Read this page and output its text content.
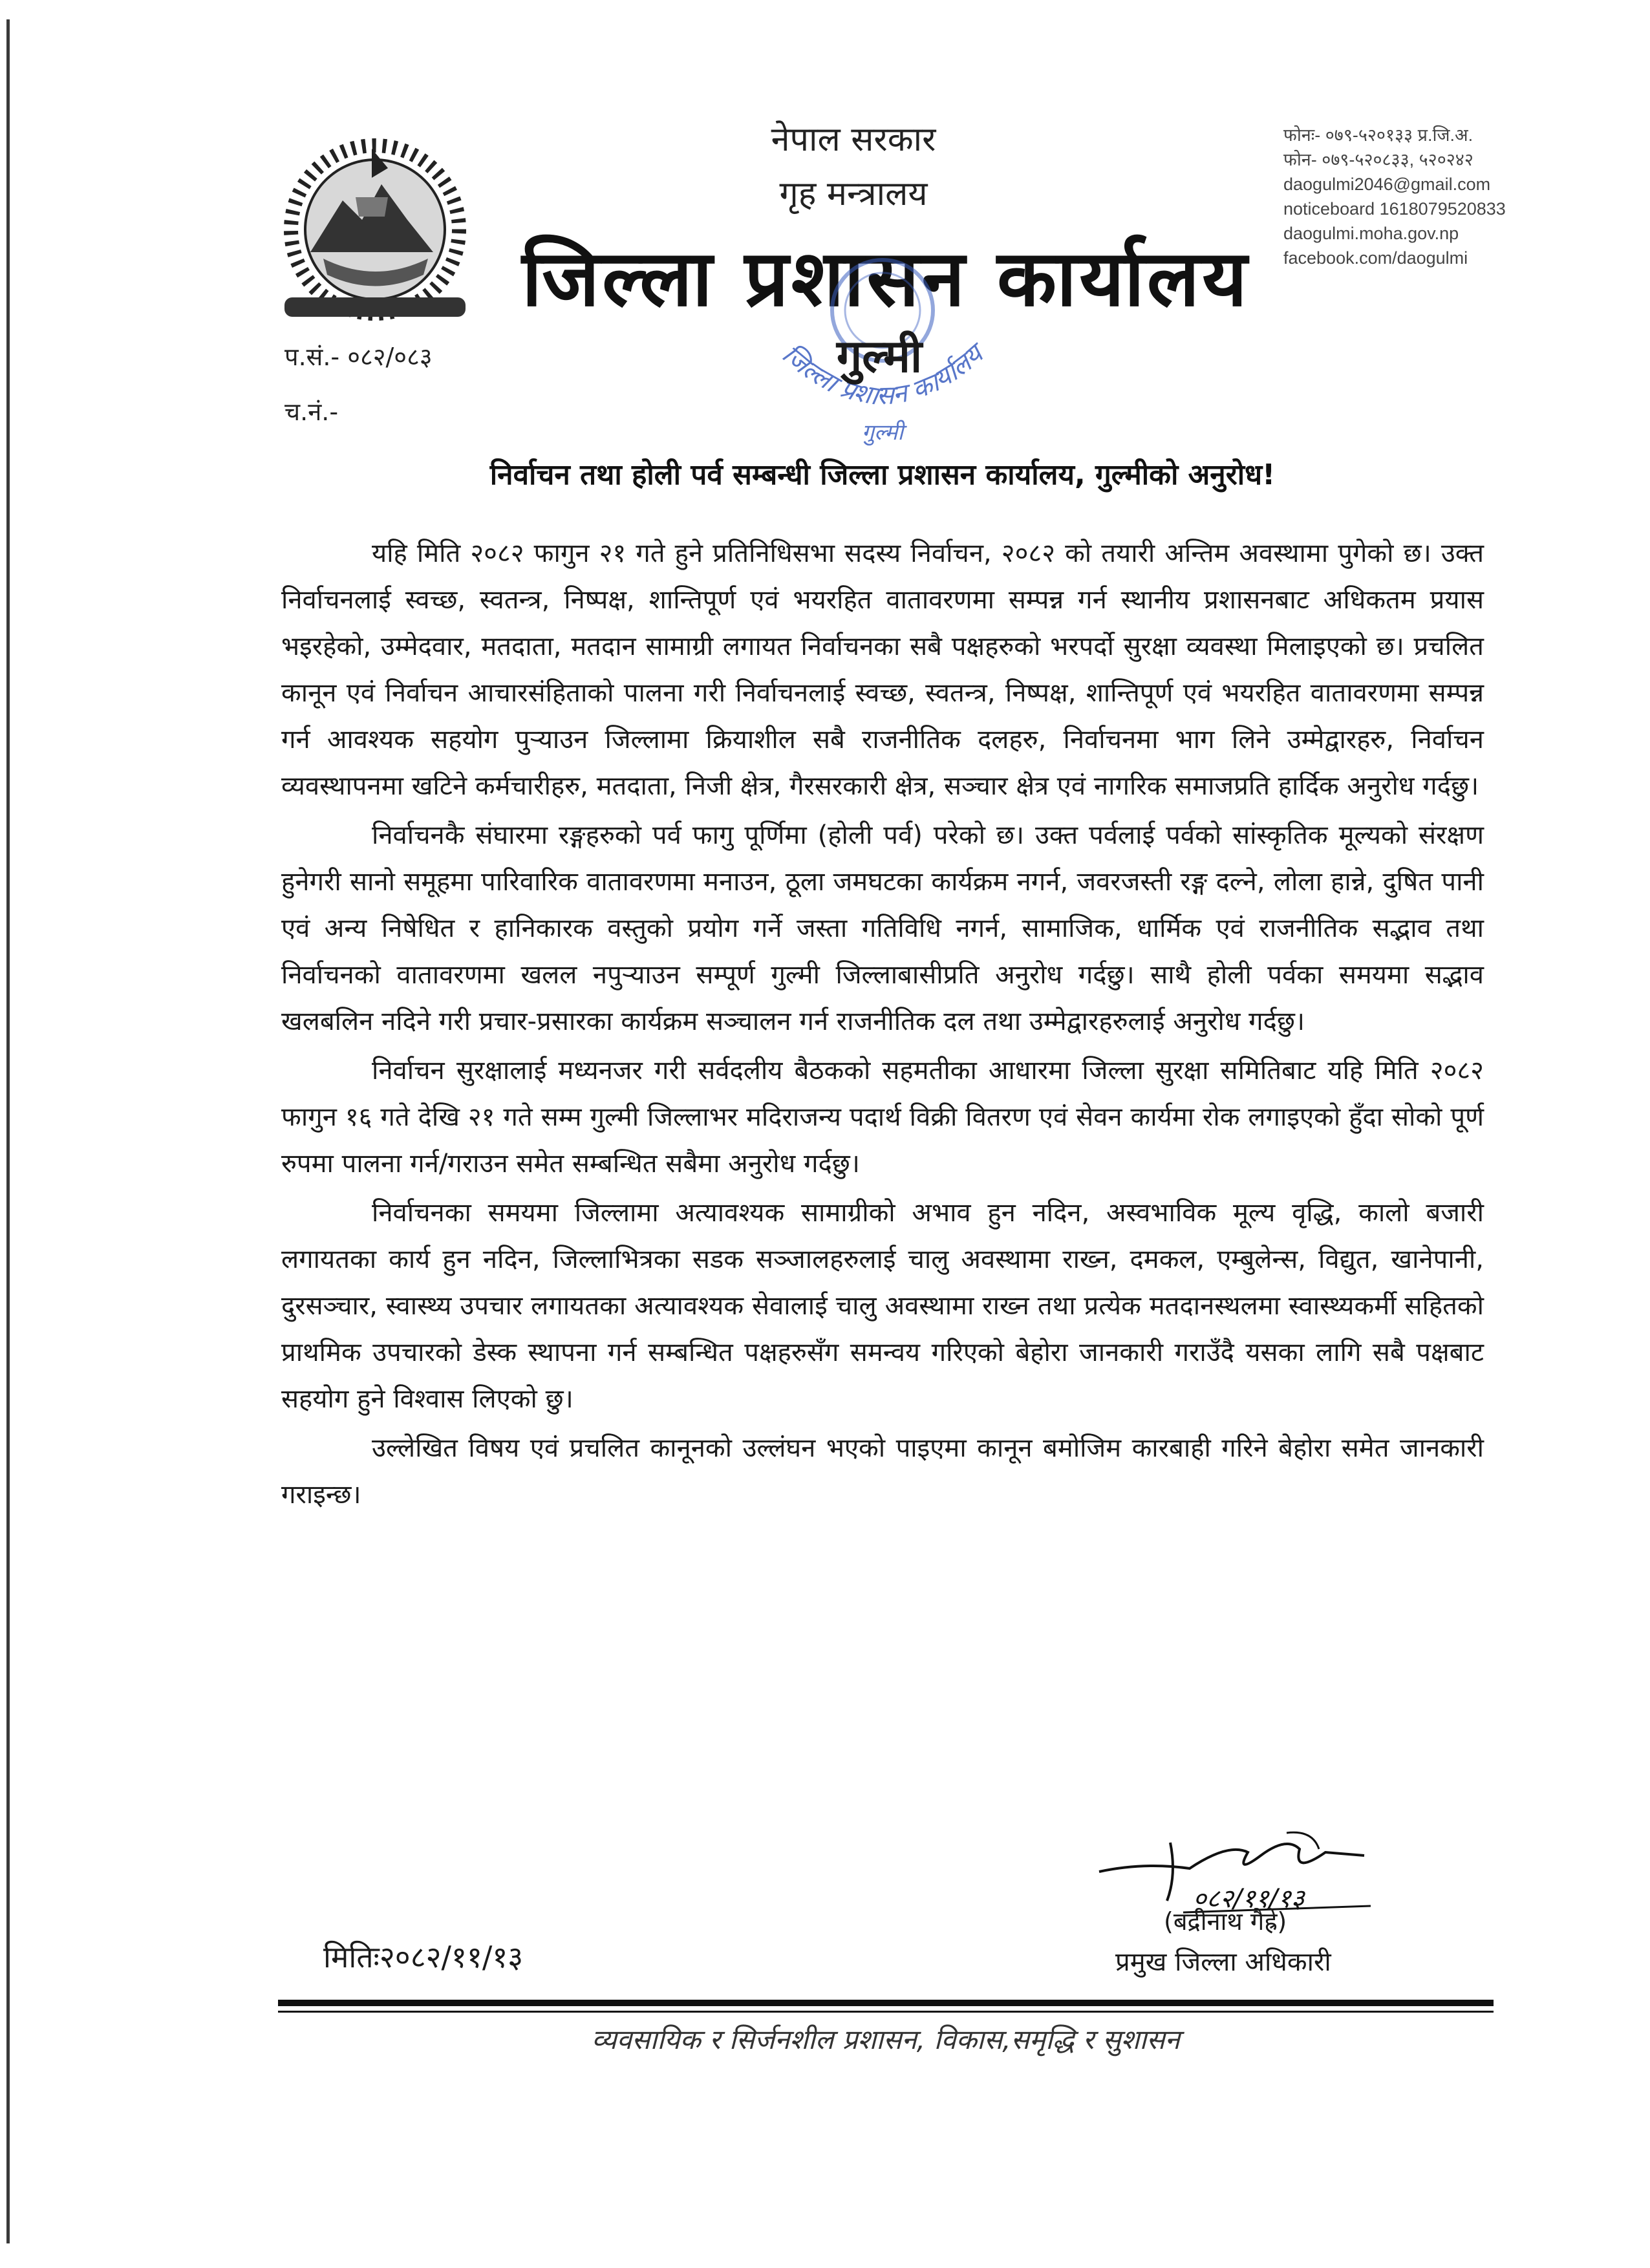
नेपाल सरकार
गृह मन्त्रालय
जिल्ला प्रशासन कार्यालय
जिल्ला प्रशासन कार्यालय
गुल्मी
गुल्मी
फोनः- ०७९-५२०१३३ प्र.जि.अ.
फोन- ०७९-५२०८३३, ५२०२४२
daogulmi2046@gmail.com
noticeboard 1618079520833
daogulmi.moha.gov.np
facebook.com/daogulmi
प.सं.- ०८२/०८३
च.नं.-
निर्वाचन तथा होली पर्व सम्बन्धी जिल्ला प्रशासन कार्यालय, गुल्मीको अनुरोध!

यहि मिति २०८२ फागुन २१ गते हुने प्रतिनिधिसभा सदस्य निर्वाचन, २०८२ को तयारी अन्तिम अवस्थामा पुगेको छ। उक्त निर्वाचनलाई स्वच्छ, स्वतन्त्र, निष्पक्ष, शान्तिपूर्ण एवं भयरहित वातावरणमा सम्पन्न गर्न स्थानीय प्रशासनबाट अधिकतम प्रयास भइरहेको, उम्मेदवार, मतदाता, मतदान सामाग्री लगायत निर्वाचनका सबै पक्षहरुको भरपर्दो सुरक्षा व्यवस्था मिलाइएको छ। प्रचलित कानून एवं निर्वाचन आचारसंहिताको पालना गरी निर्वाचनलाई स्वच्छ, स्वतन्त्र, निष्पक्ष, शान्तिपूर्ण एवं भयरहित वातावरणमा सम्पन्न गर्न आवश्यक सहयोग पुऱ्याउन जिल्लामा क्रियाशील सबै राजनीतिक दलहरु, निर्वाचनमा भाग लिने उम्मेद्वारहरु, निर्वाचन व्यवस्थापनमा खटिने कर्मचारीहरु, मतदाता, निजी क्षेत्र, गैरसरकारी क्षेत्र, सञ्चार क्षेत्र एवं नागरिक समाजप्रति हार्दिक अनुरोध गर्दछु।

निर्वाचनकै संघारमा रङ्गहरुको पर्व फागु पूर्णिमा (होली पर्व) परेको छ। उक्त पर्वलाई पर्वको सांस्कृतिक मूल्यको संरक्षण हुनेगरी सानो समूहमा पारिवारिक वातावरणमा मनाउन, ठूला जमघटका कार्यक्रम नगर्न, जवरजस्ती रङ्ग दल्ने, लोला हान्ने, दुषित पानी एवं अन्य निषेधित र हानिकारक वस्तुको प्रयोग गर्ने जस्ता गतिविधि नगर्न, सामाजिक, धार्मिक एवं राजनीतिक सद्भाव तथा निर्वाचनको वातावरणमा खलल नपुऱ्याउन सम्पूर्ण गुल्मी जिल्लाबासीप्रति अनुरोध गर्दछु। साथै होली पर्वका समयमा सद्भाव खलबलिन नदिने गरी प्रचार-प्रसारका कार्यक्रम सञ्चालन गर्न राजनीतिक दल तथा उम्मेद्वारहरुलाई अनुरोध गर्दछु।

निर्वाचन सुरक्षालाई मध्यनजर गरी सर्वदलीय बैठकको सहमतीका आधारमा जिल्ला सुरक्षा समितिबाट यहि मिति २०८२ फागुन १६ गते देखि २१ गते सम्म गुल्मी जिल्लाभर मदिराजन्य पदार्थ विक्री वितरण एवं सेवन कार्यमा रोक लगाइएको हुँदा सोको पूर्ण रुपमा पालना गर्न/गराउन समेत सम्बन्धित सबैमा अनुरोध गर्दछु।

निर्वाचनका समयमा जिल्लामा अत्यावश्यक सामाग्रीको अभाव हुन नदिन, अस्वभाविक मूल्य वृद्धि, कालो बजारी लगायतका कार्य हुन नदिन, जिल्लाभित्रका सडक सञ्जालहरुलाई चालु अवस्थामा राख्न, दमकल, एम्बुलेन्स, विद्युत, खानेपानी, दुरसञ्चार, स्वास्थ्य उपचार लगायतका अत्यावश्यक सेवालाई चालु अवस्थामा राख्न तथा प्रत्येक मतदानस्थलमा स्वास्थ्यकर्मी सहितको प्राथमिक उपचारको डेस्क स्थापना गर्न सम्बन्धित पक्षहरुसँग समन्वय गरिएको बेहोरा जानकारी गराउँदै यसका लागि सबै पक्षबाट सहयोग हुने विश्वास लिएको छु।

उल्लेखित विषय एवं प्रचलित कानूनको उल्लंघन भएको पाइएमा कानून बमोजिम कारबाही गरिने बेहोरा समेत जानकारी गराइन्छ।

०८२/११/१३
(बद्रीनाथ गैह्रे)
प्रमुख जिल्ला अधिकारी
मितिः२०८२/११/१३
व्यवसायिक र सिर्जनशील प्रशासन, विकास,समृद्धि र सुशासन
